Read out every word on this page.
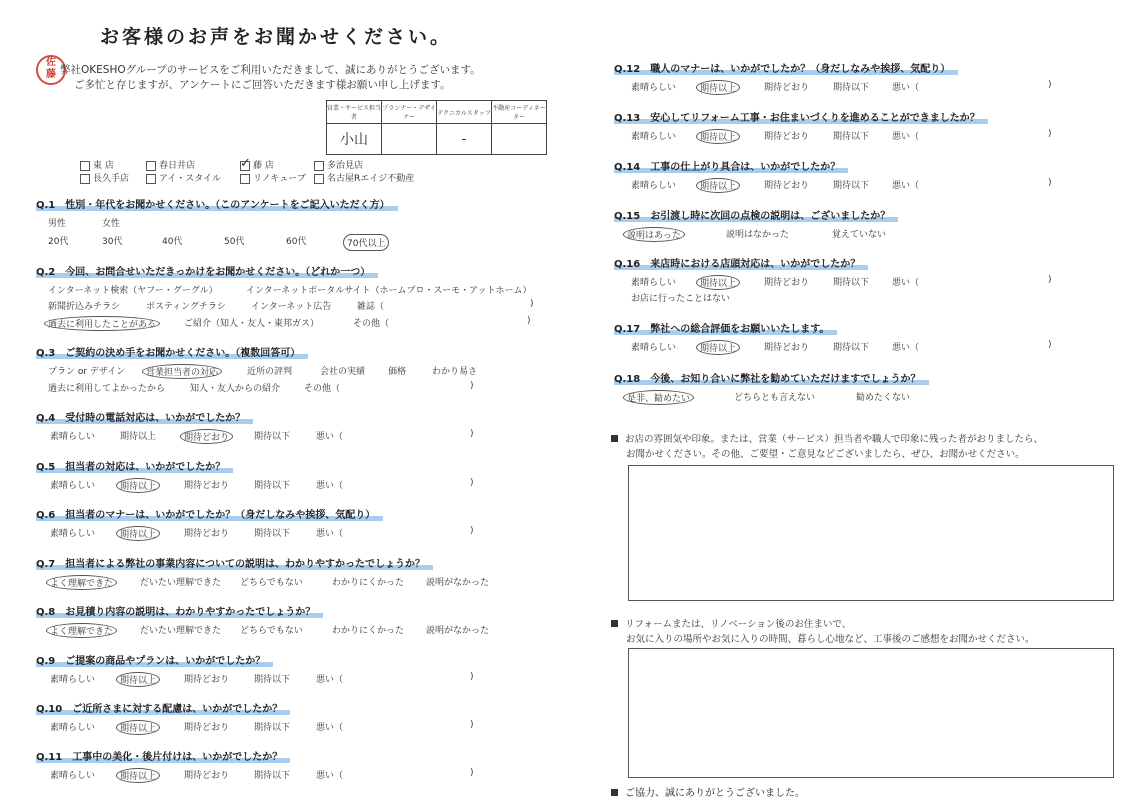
お客様のお声をお聞かせください。
佐
藤 弊社OKESHOグループのサービスをご利用いただきまして、誠にありがとうございます。
ご多忙と存じますが、アンケートにご回答いただきます様お願い申し上げます。
営業・サービス担当者	プランナー・デザイナー	テクニカルスタッフ	不動産コーディネーター
小山		-	
東 店	春日井店 ✓	藤 店	多治見店
長久手店	アイ・スタイル	リノキューブ	名古屋Rエイジ不動産
Q.1　性別・年代をお聞かせください。（このアンケートをご記入いただく方）
男性	女性
20代	30代	40代	50代	60代	70代以上
Q.2　今回、お問合せいただきっかけをお聞かせください。（どれか一つ）
インターネット検索（ヤフー・グーグル）	インターネットポータルサイト（ホームプロ・スーモ・アットホーム）
新聞折込みチラシ	ポスティングチラシ	インターネット広告	雑誌（	)
過去に利用したことがある	ご紹介（知人・友人・東邦ガス）	その他（	)
Q.3　ご契約の決め手をお聞かせください。（複数回答可）
プラン or デザイン	営業担当者の対応	近所の評判	会社の実績	価格	わかり易さ
過去に利用してよかったから	知人・友人からの紹介	その他（	)
Q.4　受付時の電話対応は、いかがでしたか？
素晴らしい	期待以上	期待どおり	期待以下	悪い（	)
Q.5　担当者の対応は、いかがでしたか？
素晴らしい	期待以上	期待どおり	期待以下	悪い（	)
Q.6　担当者のマナーは、いかがでしたか？（身だしなみや挨拶、気配り）
素晴らしい	期待以上	期待どおり	期待以下	悪い（	)
Q.7　担当者による弊社の事業内容についての説明は、わかりやすかったでしょうか？
よく理解できた	だいたい理解できた どちらでもない	わかりにくかった 説明がなかった
Q.8　お見積り内容の説明は、わかりやすかったでしょうか？
よく理解できた	だいたい理解できた どちらでもない	わかりにくかった 説明がなかった
Q.9　ご提案の商品やプランは、いかがでしたか？
素晴らしい	期待以上	期待どおり	期待以下	悪い（	)
Q.10　ご近所さまに対する配慮は、いかがでしたか？
素晴らしい	期待以上	期待どおり	期待以下	悪い（	)
Q.11　工事中の美化・後片付けは、いかがでしたか？
素晴らしい	期待以上	期待どおり	期待以下	悪い（	)
Q.12　職人のマナーは、いかがでしたか？（身だしなみや挨拶、気配り）
素晴らしい	期待以上	期待どおり	期待以下	悪い（	)
Q.13　安心してリフォーム工事・お住まいづくりを進めることができましたか？
素晴らしい	期待以上	期待どおり	期待以下	悪い（	)
Q.14　工事の仕上がり具合は、いかがでしたか？
素晴らしい	期待以上	期待どおり	期待以下	悪い（	)
Q.15　お引渡し時に次回の点検の説明は、ございましたか？
説明はあった	説明はなかった	覚えていない
Q.16　来店時における店頭対応は、いかがでしたか？
素晴らしい	期待以上	期待どおり	期待以下	悪い（	)
お店に行ったことはない
Q.17　弊社への総合評価をお願いいたします。
素晴らしい	期待以上	期待どおり	期待以下	悪い（	)
Q.18　今後、お知り合いに弊社を勧めていただけますでしょうか？
是非、勧めたい	どちらとも言えない	勧めたくない
お店の雰囲気や印象。または、営業（サービス）担当者や職人で印象に残った者がおりましたら、
お聞かせください。その他、ご要望・ご意見などございましたら、ぜひ、お聞かせください。
リフォームまたは、リノベーション後のお住まいで、
お気に入りの場所やお気に入りの時間、暮らし心地など、工事後のご感想をお聞かせください。
ご協力、誠にありがとうございました。
